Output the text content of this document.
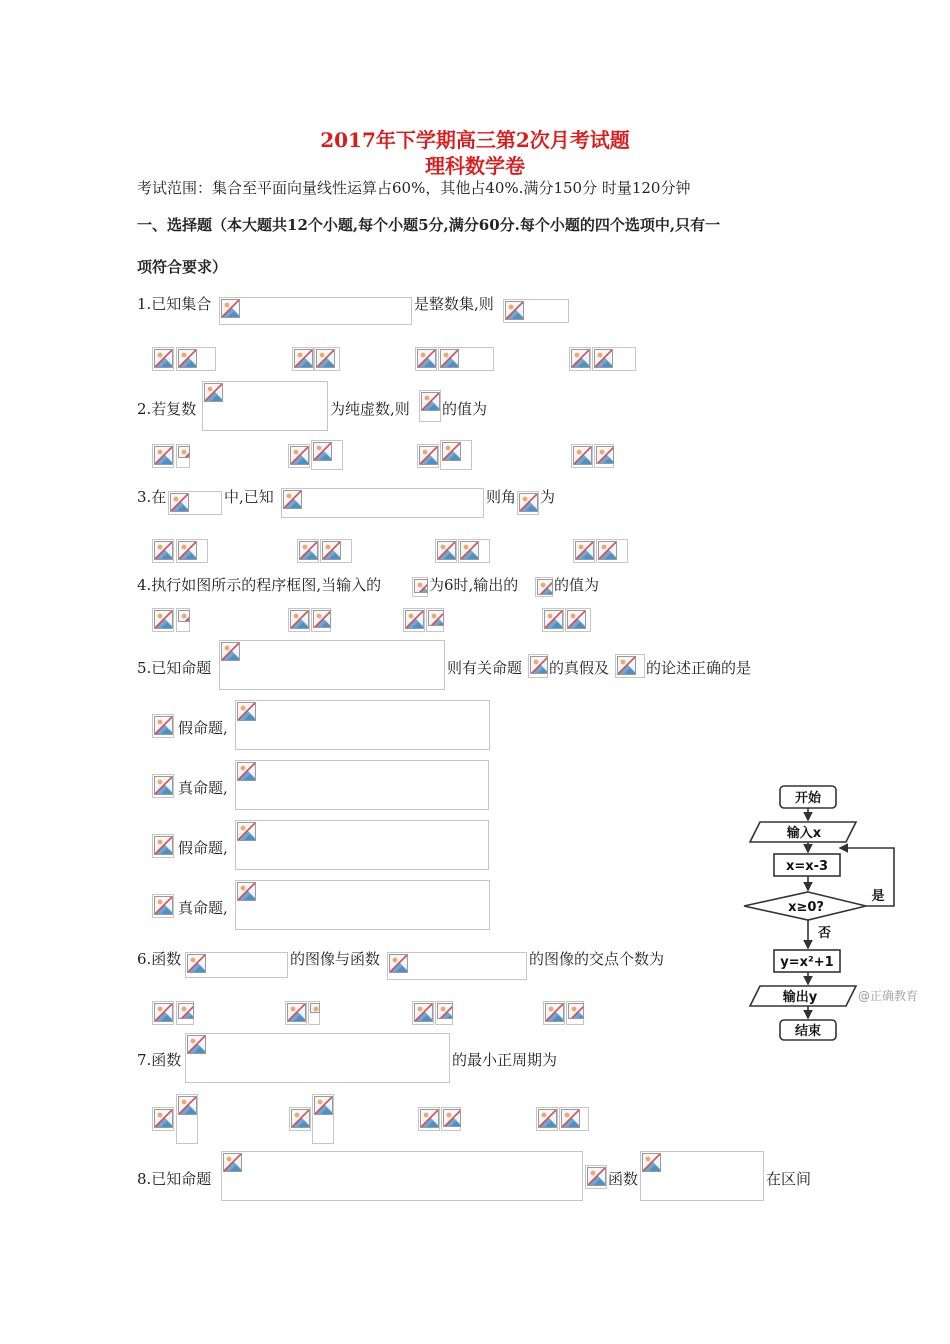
2017年下学期高三第2次月考试题
理科数学卷
考试范围：集合至平面向量线性运算占60%，其他占40%.满分150分 时量120分钟
一、选择题（本大题共12个小题,每个小题5分,满分60分.每个小题的四个选项中,只有一
项符合要求）
1.已知集合	是整数集,则
2.若复数	为纯虚数,则 的值为
3.在	中,已知	则角 为
4.执行如图所示的程序框图,当输入的	为6时,输出的 的值为
5.已知命题	则有关命题 的真假及 的论述正确的是
假命题,
真命题,
假命题,
真命题,
6.函数	的图像与函数	的图像的交点个数为
7.函数	的最小正周期为
8.已知命题	函数	在区间
开始
输入x
x=x-3
x≥0?
是
否
y=x²+1
输出y
结束
@正确教育
